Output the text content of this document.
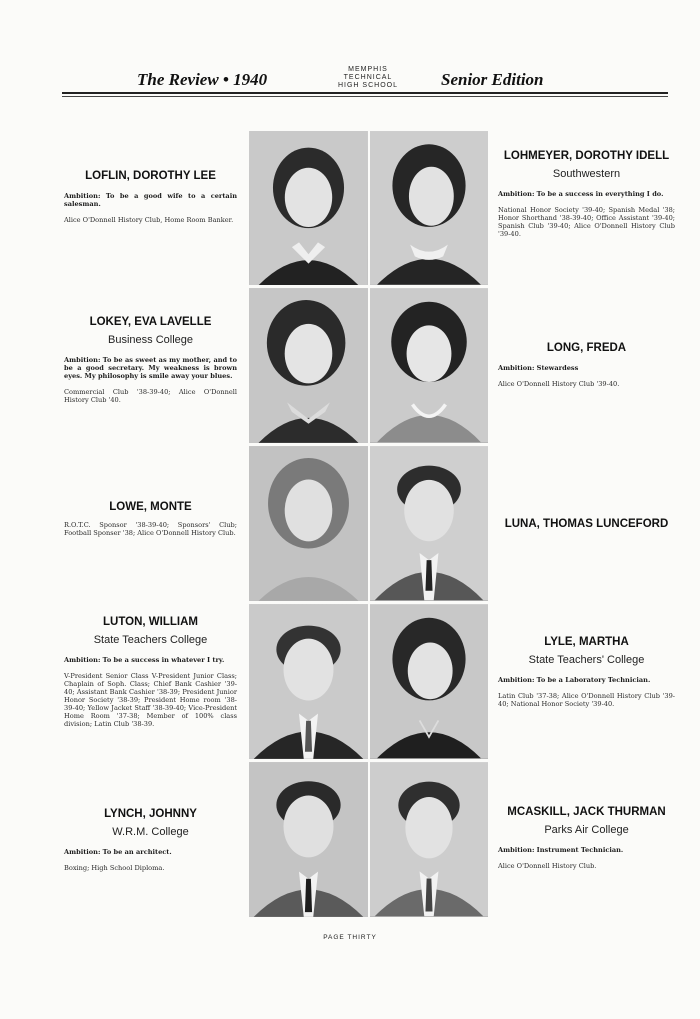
The Review • 1940
MEMPHIS
TECHNICAL
HIGH SCHOOL	Senior Edition
LOFLIN, DOROTHY LEE
Ambition: To be a good wife to a certain salesman.
Alice O'Donnell History Club, Home Room Banker.
LOKEY, EVA LAVELLE
Business College
Ambition: To be as sweet as my mother, and to be a good secretary. My weakness is brown eyes. My philosophy is smile away your blues.
Commercial Club '38-39-40; Alice O'Donnell History Club '40.
LOWE, MONTE
R.O.T.C. Sponsor '38-39-40; Sponsors' Club; Football Sponser '38; Alice O'Donnell History Club.
LUTON, WILLIAM
State Teachers College
Ambition: To be a success in whatever I try.
V-President Senior Class V-President Junior Class; Chaplain of Soph. Class; Chief Bank Cashier '39-40; Assistant Bank Cashier '38-39; President Junior Honor Society '38-39; President Home room '38-39-40; Yellow Jacket Staff '38-39-40; Vice-President Home Room '37-38; Member of 100% class division; Latin Club '38-39.
LYNCH, JOHNNY
W.R.M. College
Ambition: To be an architect.
Boxing; High School Diploma.
LOHMEYER, DOROTHY IDELL
Southwestern
Ambition: To be a success in everything I do.
National Honor Society '39-40; Spanish Medal '38; Honor Shorthand '38-39-40; Office Assistant '39-40; Spanish Club '39-40; Alice O'Donnell History Club '39-40.
LONG, FREDA
Ambition: Stewardess
Alice O'Donnell History Club '39-40.
LUNA, THOMAS LUNCEFORD
LYLE, MARTHA
State Teachers' College
Ambition: To be a Laboratory Technician.
Latin Club '37-38; Alice O'Donnell History Club '39-40; National Honor Society '39-40.
MCASKILL, JACK THURMAN
Parks Air College
Ambition: Instrument Technician.
Alice O'Donnell History Club.
PAGE THIRTY
